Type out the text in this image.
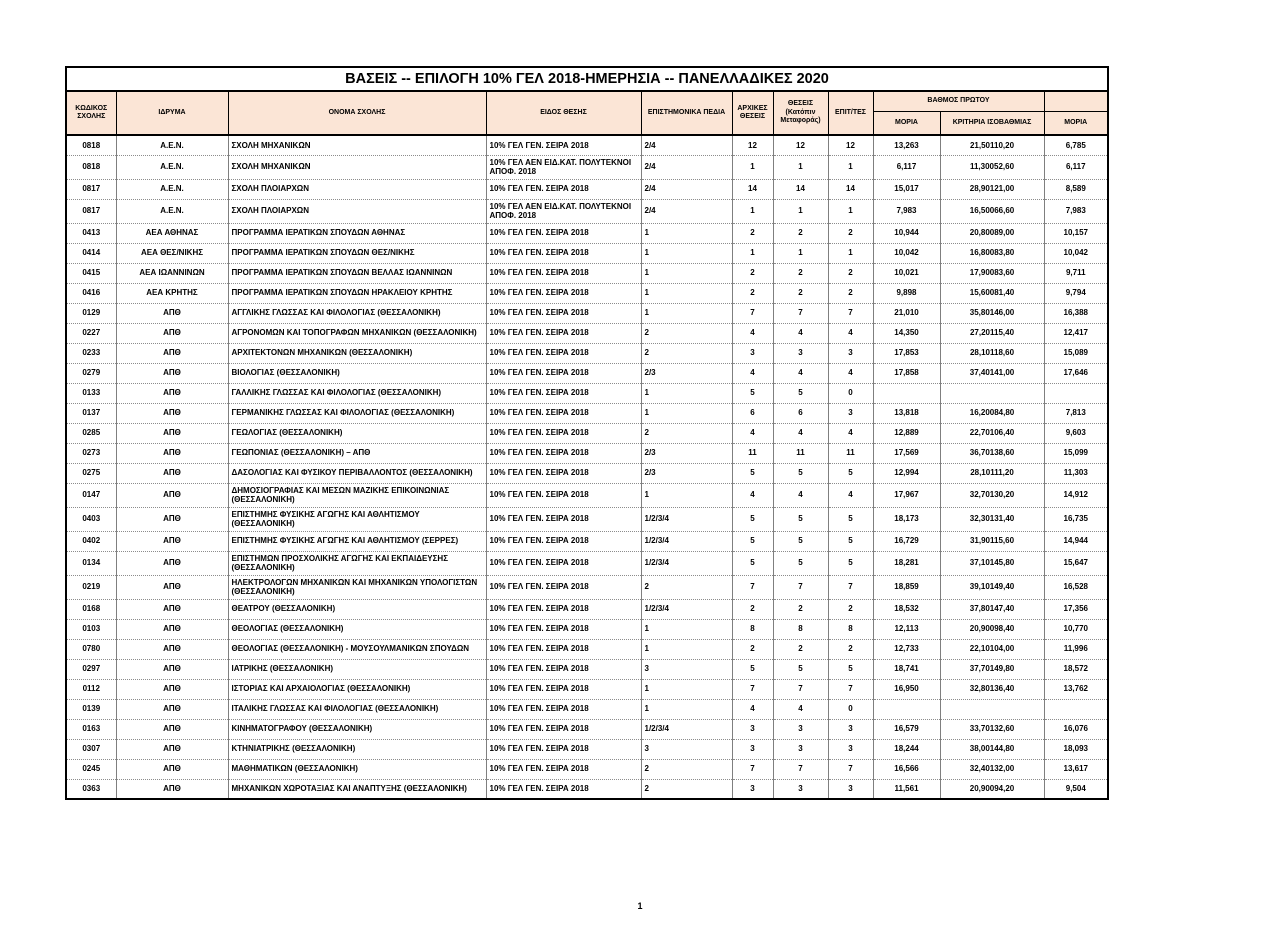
ΒΑΣΕΙΣ -- ΕΠΙΛΟΓΗ 10% ΓΕΛ 2018-ΗΜΕΡΗΣΙΑ -- ΠΑΝΕΛΛΑΔΙΚΕΣ 2020										
ΚΩΔΙΚΟΣ ΣΧΟΛΗΣ	ΙΔΡΥΜΑ	ΟΝΟΜΑ ΣΧΟΛΗΣ	ΕΙΔΟΣ ΘΕΣΗΣ	ΕΠΙΣΤΗΜΟΝΙΚΑ ΠΕΔΙΑ	ΑΡΧΙΚΕΣ ΘΕΣΕΙΣ	ΘΕΣΕΙΣ (Κατόπιν Μεταφοράς)	ΕΠΙΤ/ΤΕΣ	ΒΑΘΜΟΣ ΠΡΩΤΟΥ		
								ΜΟΡΙΑ	ΚΡΙΤΗΡΙΑ ΙΣΟΒΑΘΜΙΑΣ	ΜΟΡΙΑ
0818	Α.Ε.Ν.	ΣΧΟΛΗ ΜΗΧΑΝΙΚΩΝ	10% ΓΕΛ ΓΕΝ. ΣΕΙΡΑ 2018	2/4	12	12	12	13,263	21,50110,20	6,785
0818	Α.Ε.Ν.	ΣΧΟΛΗ ΜΗΧΑΝΙΚΩΝ	10% ΓΕΛ ΑΕΝ ΕΙΔ.ΚΑΤ. ΠΟΛΥΤΕΚΝΟΙ ΑΠΟΦ. 2018	2/4	1	1	1	6,117	11,30052,60	6,117
0817	Α.Ε.Ν.	ΣΧΟΛΗ ΠΛΟΙΑΡΧΩΝ	10% ΓΕΛ ΓΕΝ. ΣΕΙΡΑ 2018	2/4	14	14	14	15,017	28,90121,00	8,589
0817	Α.Ε.Ν.	ΣΧΟΛΗ ΠΛΟΙΑΡΧΩΝ	10% ΓΕΛ ΑΕΝ ΕΙΔ.ΚΑΤ. ΠΟΛΥΤΕΚΝΟΙ ΑΠΟΦ. 2018	2/4	1	1	1	7,983	16,50066,60	7,983
0413	ΑΕΑ ΑΘΗΝΑΣ	ΠΡΟΓΡΑΜΜΑ ΙΕΡΑΤΙΚΩΝ ΣΠΟΥΔΩΝ ΑΘΗΝΑΣ	10% ΓΕΛ ΓΕΝ. ΣΕΙΡΑ 2018	1	2	2	2	10,944	20,80089,00	10,157
0414	ΑΕΑ ΘΕΣ/ΝΙΚΗΣ	ΠΡΟΓΡΑΜΜΑ ΙΕΡΑΤΙΚΩΝ ΣΠΟΥΔΩΝ ΘΕΣ/ΝΙΚΗΣ	10% ΓΕΛ ΓΕΝ. ΣΕΙΡΑ 2018	1	1	1	1	10,042	16,80083,80	10,042
0415	ΑΕΑ ΙΩΑΝΝΙΝΩΝ	ΠΡΟΓΡΑΜΜΑ ΙΕΡΑΤΙΚΩΝ ΣΠΟΥΔΩΝ ΒΕΛΛΑΣ ΙΩΑΝΝΙΝΩΝ	10% ΓΕΛ ΓΕΝ. ΣΕΙΡΑ 2018	1	2	2	2	10,021	17,90083,60	9,711
0416	ΑΕΑ ΚΡΗΤΗΣ	ΠΡΟΓΡΑΜΜΑ ΙΕΡΑΤΙΚΩΝ ΣΠΟΥΔΩΝ ΗΡΑΚΛΕΙΟΥ ΚΡΗΤΗΣ	10% ΓΕΛ ΓΕΝ. ΣΕΙΡΑ 2018	1	2	2	2	9,898	15,60081,40	9,794
0129	ΑΠΘ	ΑΓΓΛΙΚΗΣ ΓΛΩΣΣΑΣ ΚΑΙ ΦΙΛΟΛΟΓΙΑΣ (ΘΕΣΣΑΛΟΝΙΚΗ)	10% ΓΕΛ ΓΕΝ. ΣΕΙΡΑ 2018	1	7	7	7	21,010	35,80146,00	16,388
0227	ΑΠΘ	ΑΓΡΟΝΟΜΩΝ ΚΑΙ ΤΟΠΟΓΡΑΦΩΝ ΜΗΧΑΝΙΚΩΝ (ΘΕΣΣΑΛΟΝΙΚΗ)	10% ΓΕΛ ΓΕΝ. ΣΕΙΡΑ 2018	2	4	4	4	14,350	27,20115,40	12,417
0233	ΑΠΘ	ΑΡΧΙΤΕΚΤΟΝΩΝ ΜΗΧΑΝΙΚΩΝ (ΘΕΣΣΑΛΟΝΙΚΗ)	10% ΓΕΛ ΓΕΝ. ΣΕΙΡΑ 2018	2	3	3	3	17,853	28,10118,60	15,089
0279	ΑΠΘ	ΒΙΟΛΟΓΙΑΣ (ΘΕΣΣΑΛΟΝΙΚΗ)	10% ΓΕΛ ΓΕΝ. ΣΕΙΡΑ 2018	2/3	4	4	4	17,858	37,40141,00	17,646
0133	ΑΠΘ	ΓΑΛΛΙΚΗΣ ΓΛΩΣΣΑΣ ΚΑΙ ΦΙΛΟΛΟΓΙΑΣ (ΘΕΣΣΑΛΟΝΙΚΗ)	10% ΓΕΛ ΓΕΝ. ΣΕΙΡΑ 2018	1	5	5	0			
0137	ΑΠΘ	ΓΕΡΜΑΝΙΚΗΣ ΓΛΩΣΣΑΣ ΚΑΙ ΦΙΛΟΛΟΓΙΑΣ (ΘΕΣΣΑΛΟΝΙΚΗ)	10% ΓΕΛ ΓΕΝ. ΣΕΙΡΑ 2018	1	6	6	3	13,818	16,20084,80	7,813
0285	ΑΠΘ	ΓΕΩΛΟΓΙΑΣ (ΘΕΣΣΑΛΟΝΙΚΗ)	10% ΓΕΛ ΓΕΝ. ΣΕΙΡΑ 2018	2	4	4	4	12,889	22,70106,40	9,603
0273	ΑΠΘ	ΓΕΩΠΟΝΙΑΣ (ΘΕΣΣΑΛΟΝΙΚΗ) – ΑΠΘ	10% ΓΕΛ ΓΕΝ. ΣΕΙΡΑ 2018	2/3	11	11	11	17,569	36,70138,60	15,099
0275	ΑΠΘ	ΔΑΣΟΛΟΓΙΑΣ ΚΑΙ ΦΥΣΙΚΟΥ ΠΕΡΙΒΑΛΛΟΝΤΟΣ (ΘΕΣΣΑΛΟΝΙΚΗ)	10% ΓΕΛ ΓΕΝ. ΣΕΙΡΑ 2018	2/3	5	5	5	12,994	28,10111,20	11,303
0147	ΑΠΘ	ΔΗΜΟΣΙΟΓΡΑΦΙΑΣ ΚΑΙ ΜΕΣΩΝ ΜΑΖΙΚΗΣ ΕΠΙΚΟΙΝΩΝΙΑΣ (ΘΕΣΣΑΛΟΝΙΚΗ)	10% ΓΕΛ ΓΕΝ. ΣΕΙΡΑ 2018	1	4	4	4	17,967	32,70130,20	14,912
0403	ΑΠΘ	ΕΠΙΣΤΗΜΗΣ ΦΥΣΙΚΗΣ ΑΓΩΓΗΣ ΚΑΙ ΑΘΛΗΤΙΣΜΟΥ (ΘΕΣΣΑΛΟΝΙΚΗ)	10% ΓΕΛ ΓΕΝ. ΣΕΙΡΑ 2018	1/2/3/4	5	5	5	18,173	32,30131,40	16,735
0402	ΑΠΘ	ΕΠΙΣΤΗΜΗΣ ΦΥΣΙΚΗΣ ΑΓΩΓΗΣ ΚΑΙ ΑΘΛΗΤΙΣΜΟΥ (ΣΕΡΡΕΣ)	10% ΓΕΛ ΓΕΝ. ΣΕΙΡΑ 2018	1/2/3/4	5	5	5	16,729	31,90115,60	14,944
0134	ΑΠΘ	ΕΠΙΣΤΗΜΩΝ ΠΡΟΣΧΟΛΙΚΗΣ ΑΓΩΓΗΣ ΚΑΙ ΕΚΠΑΙΔΕΥΣΗΣ (ΘΕΣΣΑΛΟΝΙΚΗ)	10% ΓΕΛ ΓΕΝ. ΣΕΙΡΑ 2018	1/2/3/4	5	5	5	18,281	37,10145,80	15,647
0219	ΑΠΘ	ΗΛΕΚΤΡΟΛΟΓΩΝ ΜΗΧΑΝΙΚΩΝ ΚΑΙ ΜΗΧΑΝΙΚΩΝ ΥΠΟΛΟΓΙΣΤΩΝ (ΘΕΣΣΑΛΟΝΙΚΗ)	10% ΓΕΛ ΓΕΝ. ΣΕΙΡΑ 2018	2	7	7	7	18,859	39,10149,40	16,528
0168	ΑΠΘ	ΘΕΑΤΡΟΥ (ΘΕΣΣΑΛΟΝΙΚΗ)	10% ΓΕΛ ΓΕΝ. ΣΕΙΡΑ 2018	1/2/3/4	2	2	2	18,532	37,80147,40	17,356
0103	ΑΠΘ	ΘΕΟΛΟΓΙΑΣ (ΘΕΣΣΑΛΟΝΙΚΗ)	10% ΓΕΛ ΓΕΝ. ΣΕΙΡΑ 2018	1	8	8	8	12,113	20,90098,40	10,770
0780	ΑΠΘ	ΘΕΟΛΟΓΙΑΣ (ΘΕΣΣΑΛΟΝΙΚΗ) - ΜΟΥΣΟΥΛΜΑΝΙΚΩΝ ΣΠΟΥΔΩΝ	10% ΓΕΛ ΓΕΝ. ΣΕΙΡΑ 2018	1	2	2	2	12,733	22,10104,00	11,996
0297	ΑΠΘ	ΙΑΤΡΙΚΗΣ (ΘΕΣΣΑΛΟΝΙΚΗ)	10% ΓΕΛ ΓΕΝ. ΣΕΙΡΑ 2018	3	5	5	5	18,741	37,70149,80	18,572
0112	ΑΠΘ	ΙΣΤΟΡΙΑΣ ΚΑΙ ΑΡΧΑΙΟΛΟΓΙΑΣ (ΘΕΣΣΑΛΟΝΙΚΗ)	10% ΓΕΛ ΓΕΝ. ΣΕΙΡΑ 2018	1	7	7	7	16,950	32,80136,40	13,762
0139	ΑΠΘ	ΙΤΑΛΙΚΗΣ ΓΛΩΣΣΑΣ ΚΑΙ ΦΙΛΟΛΟΓΙΑΣ (ΘΕΣΣΑΛΟΝΙΚΗ)	10% ΓΕΛ ΓΕΝ. ΣΕΙΡΑ 2018	1	4	4	0			
0163	ΑΠΘ	ΚΙΝΗΜΑΤΟΓΡΑΦΟΥ (ΘΕΣΣΑΛΟΝΙΚΗ)	10% ΓΕΛ ΓΕΝ. ΣΕΙΡΑ 2018	1/2/3/4	3	3	3	16,579	33,70132,60	16,076
0307	ΑΠΘ	ΚΤΗΝΙΑΤΡΙΚΗΣ (ΘΕΣΣΑΛΟΝΙΚΗ)	10% ΓΕΛ ΓΕΝ. ΣΕΙΡΑ 2018	3	3	3	3	18,244	38,00144,80	18,093
0245	ΑΠΘ	ΜΑΘΗΜΑΤΙΚΩΝ (ΘΕΣΣΑΛΟΝΙΚΗ)	10% ΓΕΛ ΓΕΝ. ΣΕΙΡΑ 2018	2	7	7	7	16,566	32,40132,00	13,617
0363	ΑΠΘ	ΜΗΧΑΝΙΚΩΝ ΧΩΡΟΤΑΞΙΑΣ ΚΑΙ ΑΝΑΠΤΥΞΗΣ (ΘΕΣΣΑΛΟΝΙΚΗ)	10% ΓΕΛ ΓΕΝ. ΣΕΙΡΑ 2018	2	3	3	3	11,561	20,90094,20	9,504
1
